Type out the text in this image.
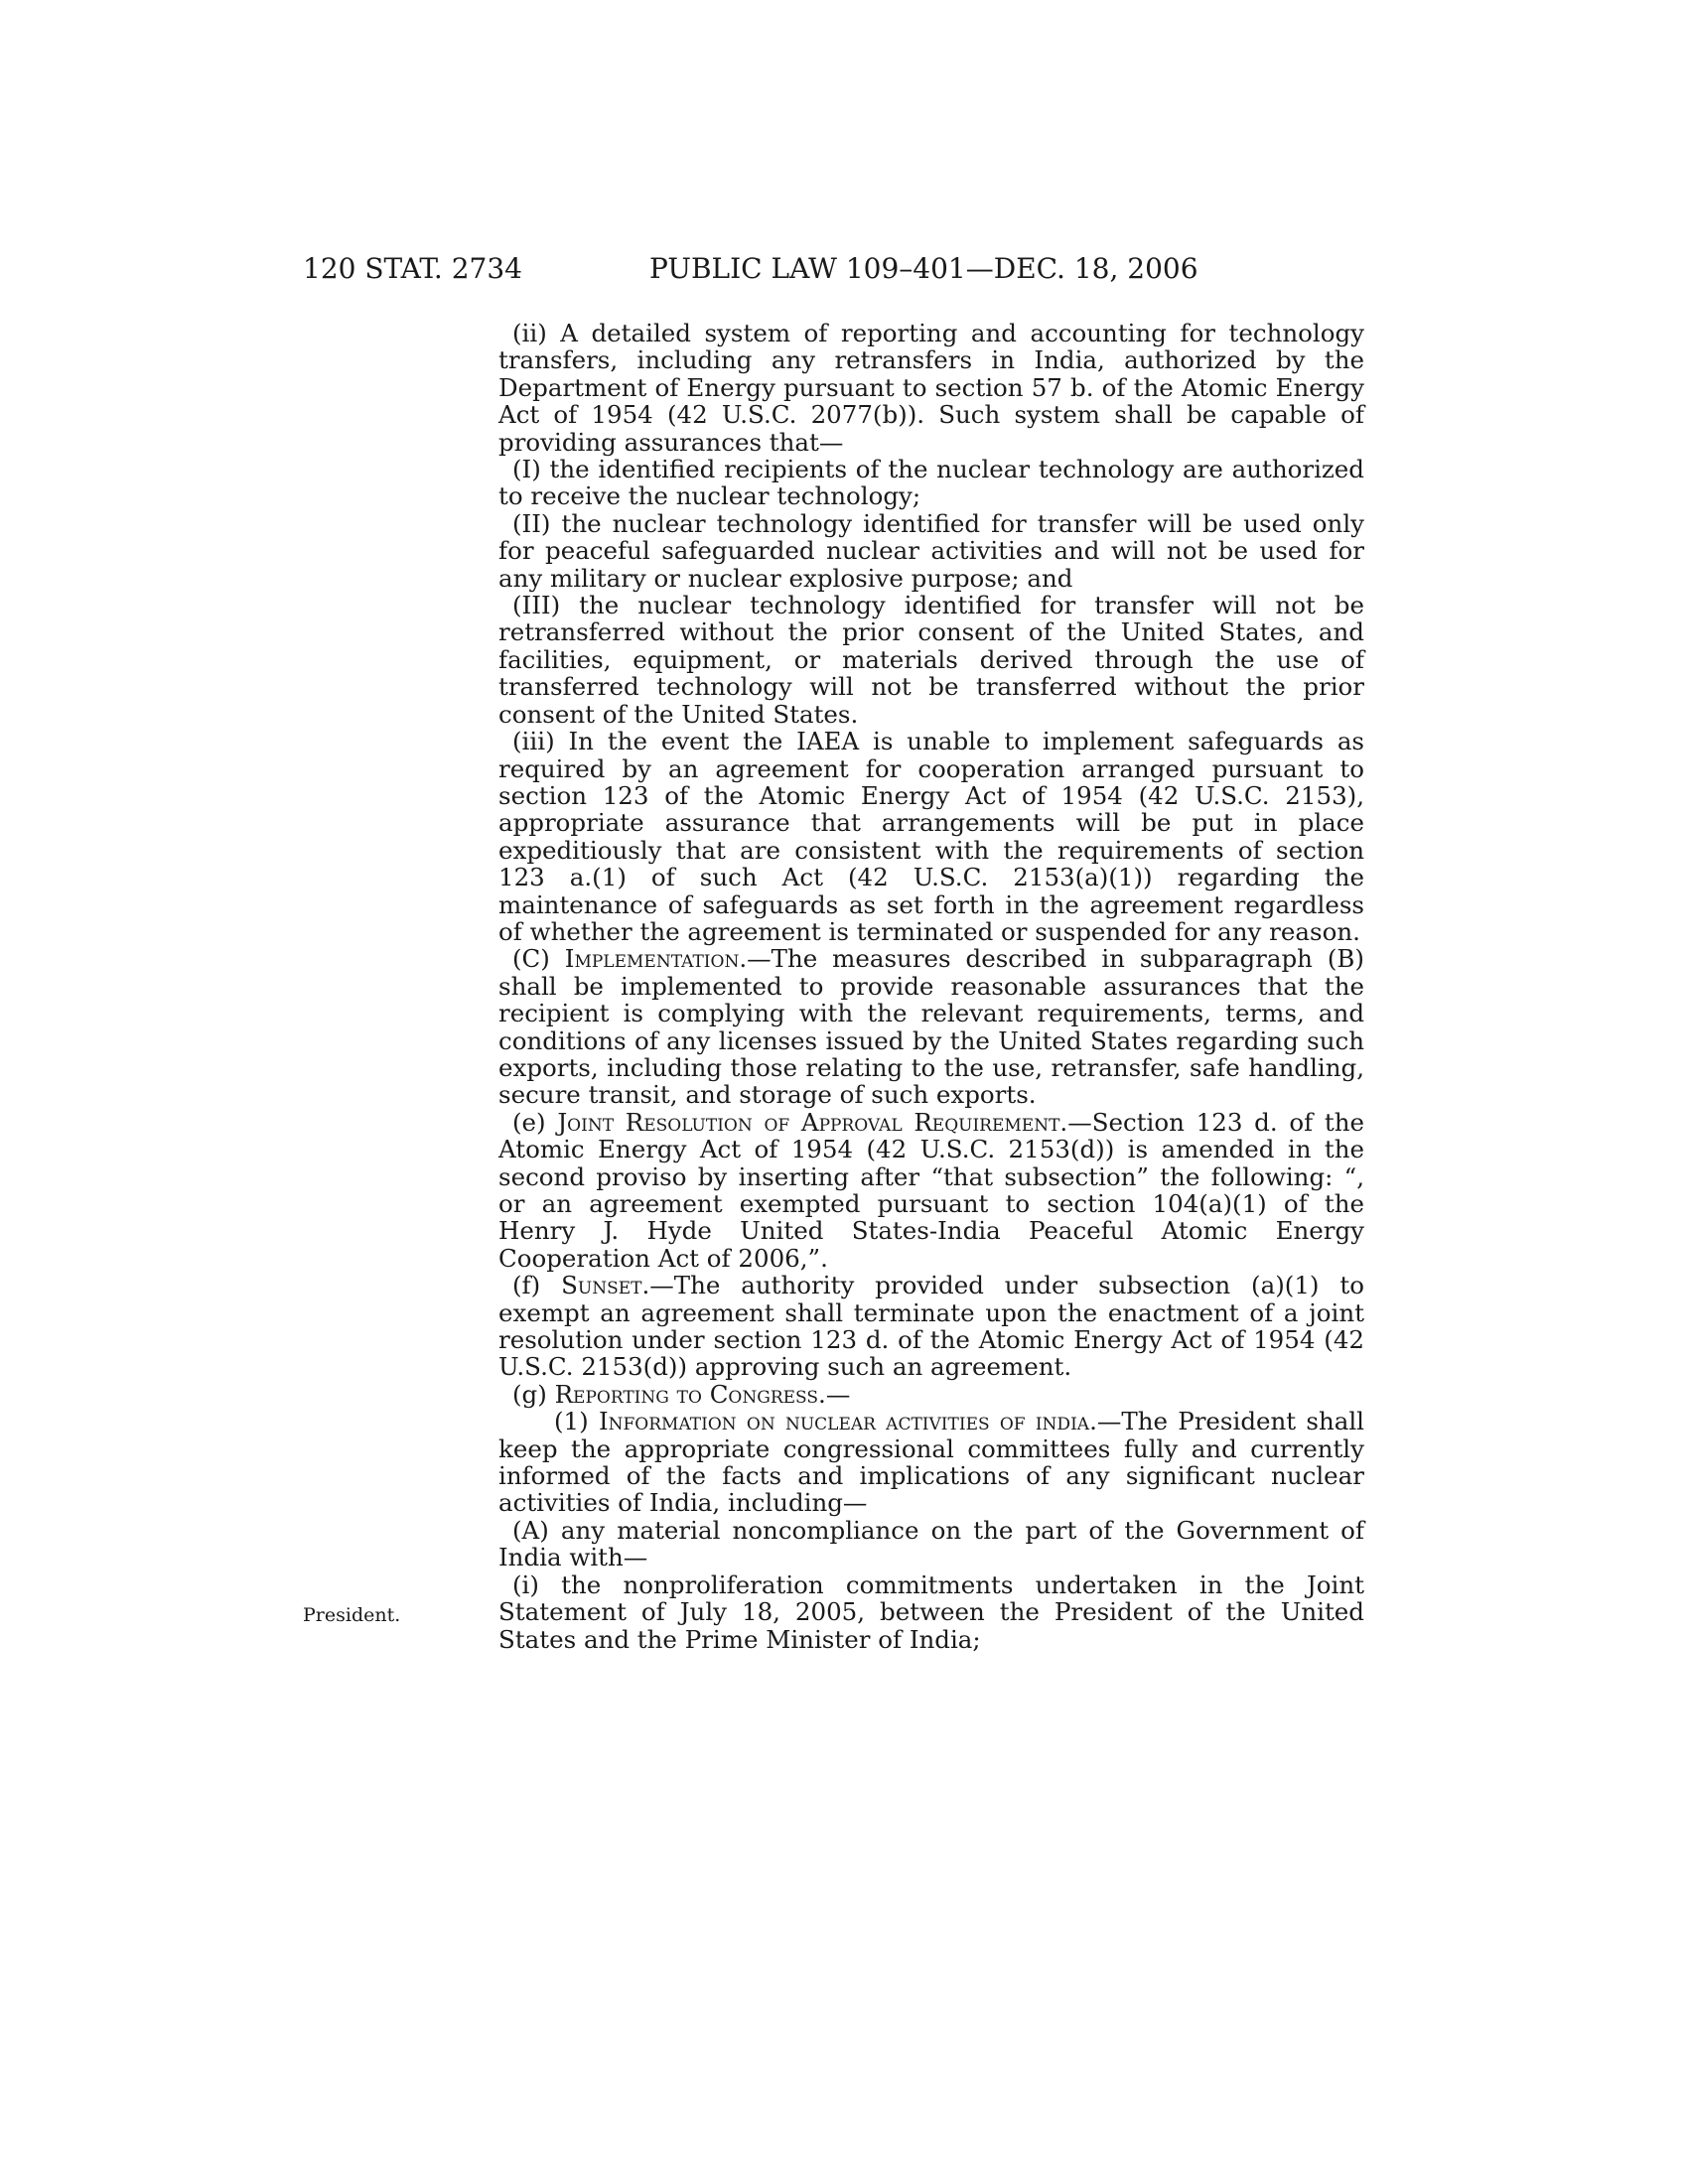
120 STAT. 2734	PUBLIC LAW 109–401—DEC. 18, 2006
President.

(ii) A detailed system of reporting and accounting for technology transfers, including any retransfers in India, authorized by the Department of Energy pursuant to section 57 b. of the Atomic Energy Act of 1954 (42 U.S.C. 2077(b)). Such system shall be capable of providing assurances that—

(I) the identified recipients of the nuclear technology are authorized to receive the nuclear technology;

(II) the nuclear technology identified for transfer will be used only for peaceful safeguarded nuclear activities and will not be used for any military or nuclear explosive purpose; and

(III) the nuclear technology identified for transfer will not be retransferred without the prior consent of the United States, and facilities, equipment, or materials derived through the use of transferred technology will not be transferred without the prior consent of the United States.

(iii) In the event the IAEA is unable to implement safeguards as required by an agreement for cooperation arranged pursuant to section 123 of the Atomic Energy Act of 1954 (42 U.S.C. 2153), appropriate assurance that arrangements will be put in place expeditiously that are consistent with the requirements of section 123 a.(1) of such Act (42 U.S.C. 2153(a)(1)) regarding the maintenance of safeguards as set forth in the agreement regardless of whether the agreement is terminated or suspended for any reason.

(C) Implementation.—The measures described in subparagraph (B) shall be implemented to provide reasonable assurances that the recipient is complying with the relevant requirements, terms, and conditions of any licenses issued by the United States regarding such exports, including those relating to the use, retransfer, safe handling, secure transit, and storage of such exports.

(e) Joint Resolution of Approval Requirement.—Section 123 d. of the Atomic Energy Act of 1954 (42 U.S.C. 2153(d)) is amended in the second proviso by inserting after “that subsection” the following: “, or an agreement exempted pursuant to section 104(a)(1) of the Henry J. Hyde United States-India Peaceful Atomic Energy Cooperation Act of 2006,”.

(f) Sunset.—The authority provided under subsection (a)(1) to exempt an agreement shall terminate upon the enactment of a joint resolution under section 123 d. of the Atomic Energy Act of 1954 (42 U.S.C. 2153(d)) approving such an agreement.

(g) Reporting to Congress.—

(1) Information on nuclear activities of india.—The President shall keep the appropriate congressional committees fully and currently informed of the facts and implications of any significant nuclear activities of India, including—

(A) any material noncompliance on the part of the Government of India with—

(i) the nonproliferation commitments undertaken in the Joint Statement of July 18, 2005, between the President of the United States and the Prime Minister of India;
